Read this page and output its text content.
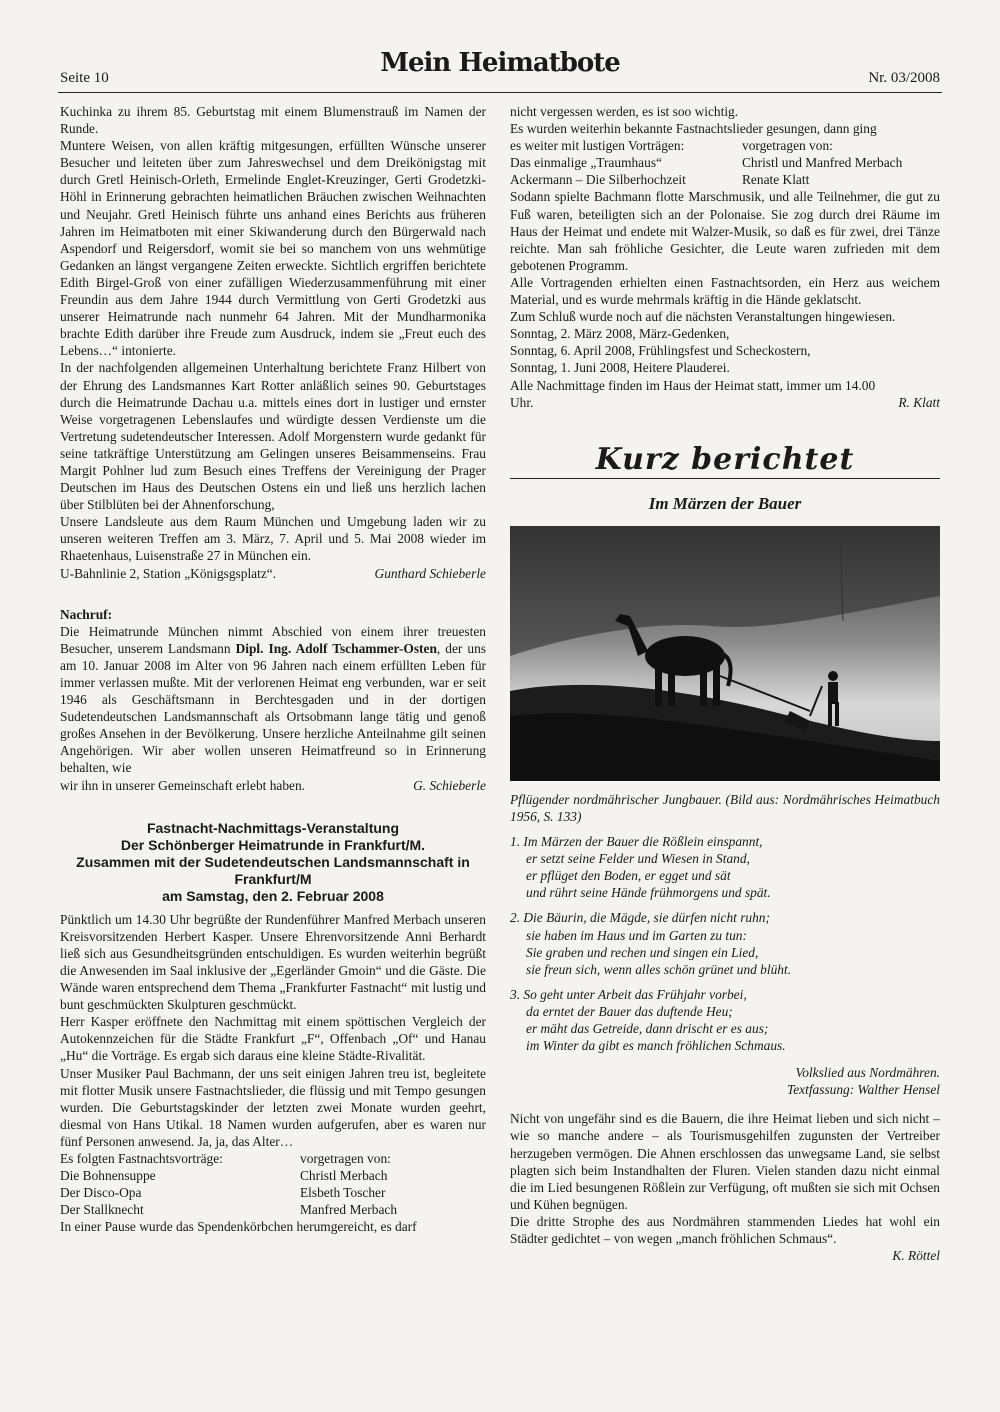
Seite 10	Mein Heimatbote	Nr. 03/2008

Kuchinka zu ihrem 85. Geburtstag mit einem Blumenstrauß im Namen der Runde.

Muntere Weisen, von allen kräftig mitgesungen, erfüllten Wünsche unserer Besucher und leiteten über zum Jahreswechsel und dem Dreikönigstag mit durch Gretl Heinisch-Orleth, Ermelinde Englet-Kreuzinger, Gerti Grodetzki-Höhl in Erinnerung gebrachten heimatlichen Bräuchen zwischen Weihnachten und Neujahr. Gretl Heinisch führte uns anhand eines Berichts aus früheren Jahren im Heimatboten mit einer Skiwanderung durch den Bürgerwald nach Aspendorf und Reigersdorf, womit sie bei so manchem von uns wehmütige Gedanken an längst vergangene Zeiten erweckte. Sichtlich ergriffen berichtete Edith Birgel-Groß von einer zufälligen Wiederzusammenführung mit einer Freundin aus dem Jahre 1944 durch Vermittlung von Gerti Grodetzki aus unserer Heimatrunde nach nunmehr 64 Jahren. Mit der Mundharmonika brachte Edith darüber ihre Freude zum Ausdruck, indem sie „Freut euch des Lebens…“ intonierte.

In der nachfolgenden allgemeinen Unterhaltung berichtete Franz Hilbert von der Ehrung des Landsmannes Kart Rotter anläßlich seines 90. Geburtstages durch die Heimatrunde Dachau u.a. mittels eines dort in lustiger und ernster Weise vorgetragenen Lebenslaufes und würdigte dessen Verdienste um die Vertretung sudetendeutscher Interessen. Adolf Morgenstern wurde gedankt für seine tatkräftige Unterstützung am Gelingen unseres Beisammenseins. Frau Margit Pohlner lud zum Besuch eines Treffens der Vereinigung der Prager Deutschen im Haus des Deutschen Ostens ein und ließ uns herzlich lachen über Stilblüten bei der Ahnenforschung,

Unsere Landsleute aus dem Raum München und Umgebung laden wir zu unseren weiteren Treffen am 3. März, 7. April und 5. Mai 2008 wieder im Rhaetenhaus, Luisenstraße 27 in München ein.

U-Bahnlinie 2, Station „Königsgsplatz“.	Gunthard Schieberle

Nachruf:

Die Heimatrunde München nimmt Abschied von einem ihrer treuesten Besucher, unserem Landsmann Dipl. Ing. Adolf Tschammer-Osten, der uns am 10. Januar 2008 im Alter von 96 Jahren nach einem erfüllten Leben für immer verlassen mußte. Mit der verlorenen Heimat eng verbunden, war er seit 1946 als Geschäftsmann in Berchtesgaden und in der dortigen Sudetendeutschen Landsmannschaft als Ortsobmann lange tätig und genoß großes Ansehen in der Bevölkerung. Unsere herzliche Anteilnahme gilt seinen Angehörigen. Wir aber wollen unseren Heimatfreund so in Erinnerung behalten, wie

wir ihn in unserer Gemeinschaft erlebt haben.	G. Schieberle
Fastnacht-Nachmittags-Veranstaltung
Der Schönberger Heimatrunde in Frankfurt/M.
Zusammen mit der Sudetendeutschen Landsmannschaft in Frankfurt/M
am Samstag, den 2. Februar 2008

Pünktlich um 14.30 Uhr begrüßte der Rundenführer Manfred Merbach unseren Kreisvorsitzenden Herbert Kasper. Unsere Ehrenvorsitzende Anni Berhardt ließ sich aus Gesundheitsgründen entschuldigen. Es wurden weiterhin begrüßt die Anwesenden im Saal inklusive der „Egerländer Gmoin“ und die Gäste. Die Wände waren entsprechend dem Thema „Frankfurter Fastnacht“ mit lustig und bunt geschmückten Skulpturen geschmückt.

Herr Kasper eröffnete den Nachmittag mit einem spöttischen Vergleich der Autokennzeichen für die Städte Frankfurt „F“, Offenbach „Of“ und Hanau „Hu“ die Vorträge. Es ergab sich daraus eine kleine Städte-Rivalität.

Unser Musiker Paul Bachmann, der uns seit einigen Jahren treu ist, begleitete mit flotter Musik unsere Fastnachtslieder, die flüssig und mit Tempo gesungen wurden. Die Geburtstagskinder der letzten zwei Monate wurden geehrt, diesmal von Hans Utikal. 18 Namen wurden aufgerufen, aber es waren nur fünf Personen anwesend. Ja, ja, das Alter…

Es folgten Fastnachtsvorträge:	vorgetragen von:
Die Bohnensuppe	Christl Merbach
Der Disco-Opa	Elsbeth Toscher
Der Stallknecht	Manfred Merbach

In einer Pause wurde das Spendenkörbchen herumgereicht, es darf

nicht vergessen werden, es ist soo wichtig.

Es wurden weiterhin bekannte Fastnachtslieder gesungen, dann ging

es weiter mit lustigen Vorträgen:	vorgetragen von:
Das einmalige „Traumhaus“	Christl und Manfred Merbach
Ackermann – Die Silberhochzeit	Renate Klatt

Sodann spielte Bachmann flotte Marschmusik, und alle Teilnehmer, die gut zu Fuß waren, beteiligten sich an der Polonaise. Sie zog durch drei Räume im Haus der Heimat und endete mit Walzer-Musik, so daß es für zwei, drei Tänze reichte. Man sah fröhliche Gesichter, die Leute waren zufrieden mit dem gebotenen Programm.

Alle Vortragenden erhielten einen Fastnachtsorden, ein Herz aus weichem Material, und es wurde mehrmals kräftig in die Hände geklatscht.

Zum Schluß wurde noch auf die nächsten Veranstaltungen hingewiesen.

Sonntag, 2. März 2008, März-Gedenken,

Sonntag, 6. April 2008, Frühlingsfest und Scheckostern,

Sonntag, 1. Juni 2008, Heitere Plauderei.

Alle Nachmittage finden im Haus der Heimat statt, immer um 14.00

Uhr.	R. Klatt
Kurz berichtet
Im Märzen der Bauer

Pflügender nordmährischer Jungbauer. (Bild aus: Nordmährisches Heimatbuch 1956, S. 133)

1. Im Märzen der Bauer die Rößlein einspannt,
er setzt seine Felder und Wiesen in Stand,
er pflüget den Boden, er egget und sät
und rührt seine Hände frühmorgens und spät.
2. Die Bäurin, die Mägde, sie dürfen nicht ruhn;
sie haben im Haus und im Garten zu tun:
Sie graben und rechen und singen ein Lied,
sie freun sich, wenn alles schön grünet und blüht.
3. So geht unter Arbeit das Frühjahr vorbei,
da erntet der Bauer das duftende Heu;
er mäht das Getreide, dann drischt er es aus;
im Winter da gibt es manch fröhlichen Schmaus.
Volkslied aus Nordmähren.
Textfassung: Walther Hensel

Nicht von ungefähr sind es die Bauern, die ihre Heimat lieben und sich nicht – wie so manche andere – als Tourismusgehilfen zugunsten der Vertreiber herzugeben vermögen. Die Ahnen erschlossen das unwegsame Land, sie selbst plagten sich beim Instandhalten der Fluren. Vielen standen dazu nicht einmal die im Lied besungenen Rößlein zur Verfügung, oft mußten sie sich mit Ochsen und Kühen begnügen.

Die dritte Strophe des aus Nordmähren stammenden Liedes hat wohl ein Städter gedichtet – von wegen „manch fröhlichen Schmaus“.

K. Röttel
